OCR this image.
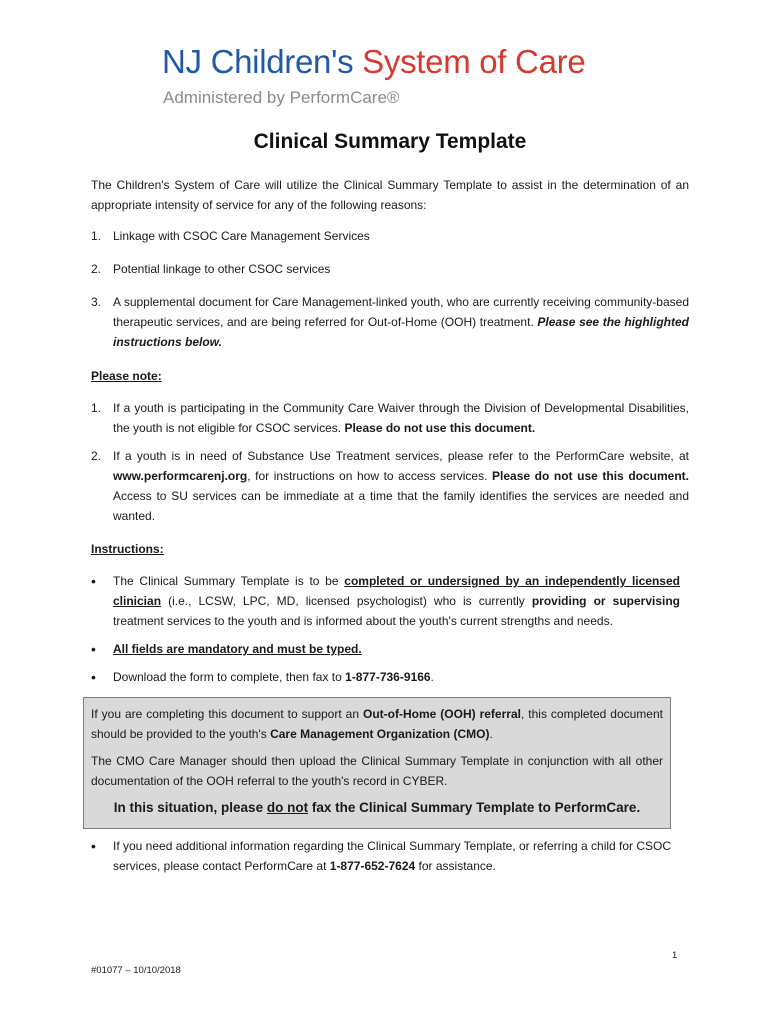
NJ Children's System of Care
Administered by PerformCare®
Clinical Summary Template
The Children's System of Care will utilize the Clinical Summary Template to assist in the determination of an appropriate intensity of service for any of the following reasons:
1. Linkage with CSOC Care Management Services
2. Potential linkage to other CSOC services
3. A supplemental document for Care Management-linked youth, who are currently receiving community-based therapeutic services, and are being referred for Out-of-Home (OOH) treatment. Please see the highlighted instructions below.
Please note:
1. If a youth is participating in the Community Care Waiver through the Division of Developmental Disabilities, the youth is not eligible for CSOC services. Please do not use this document.
2. If a youth is in need of Substance Use Treatment services, please refer to the PerformCare website, at www.performcarenj.org, for instructions on how to access services. Please do not use this document. Access to SU services can be immediate at a time that the family identifies the services are needed and wanted.
Instructions:
• The Clinical Summary Template is to be completed or undersigned by an independently licensed clinician (i.e., LCSW, LPC, MD, licensed psychologist) who is currently providing or supervising treatment services to the youth and is informed about the youth's current strengths and needs.
• All fields are mandatory and must be typed.
• Download the form to complete, then fax to 1-877-736-9166.
If you are completing this document to support an Out-of-Home (OOH) referral, this completed document should be provided to the youth's Care Management Organization (CMO).
The CMO Care Manager should then upload the Clinical Summary Template in conjunction with all other documentation of the OOH referral to the youth's record in CYBER.
In this situation, please do not fax the Clinical Summary Template to PerformCare.
• If you need additional information regarding the Clinical Summary Template, or referring a child for CSOC services, please contact PerformCare at 1-877-652-7624 for assistance.
1
#01077 – 10/10/2018
